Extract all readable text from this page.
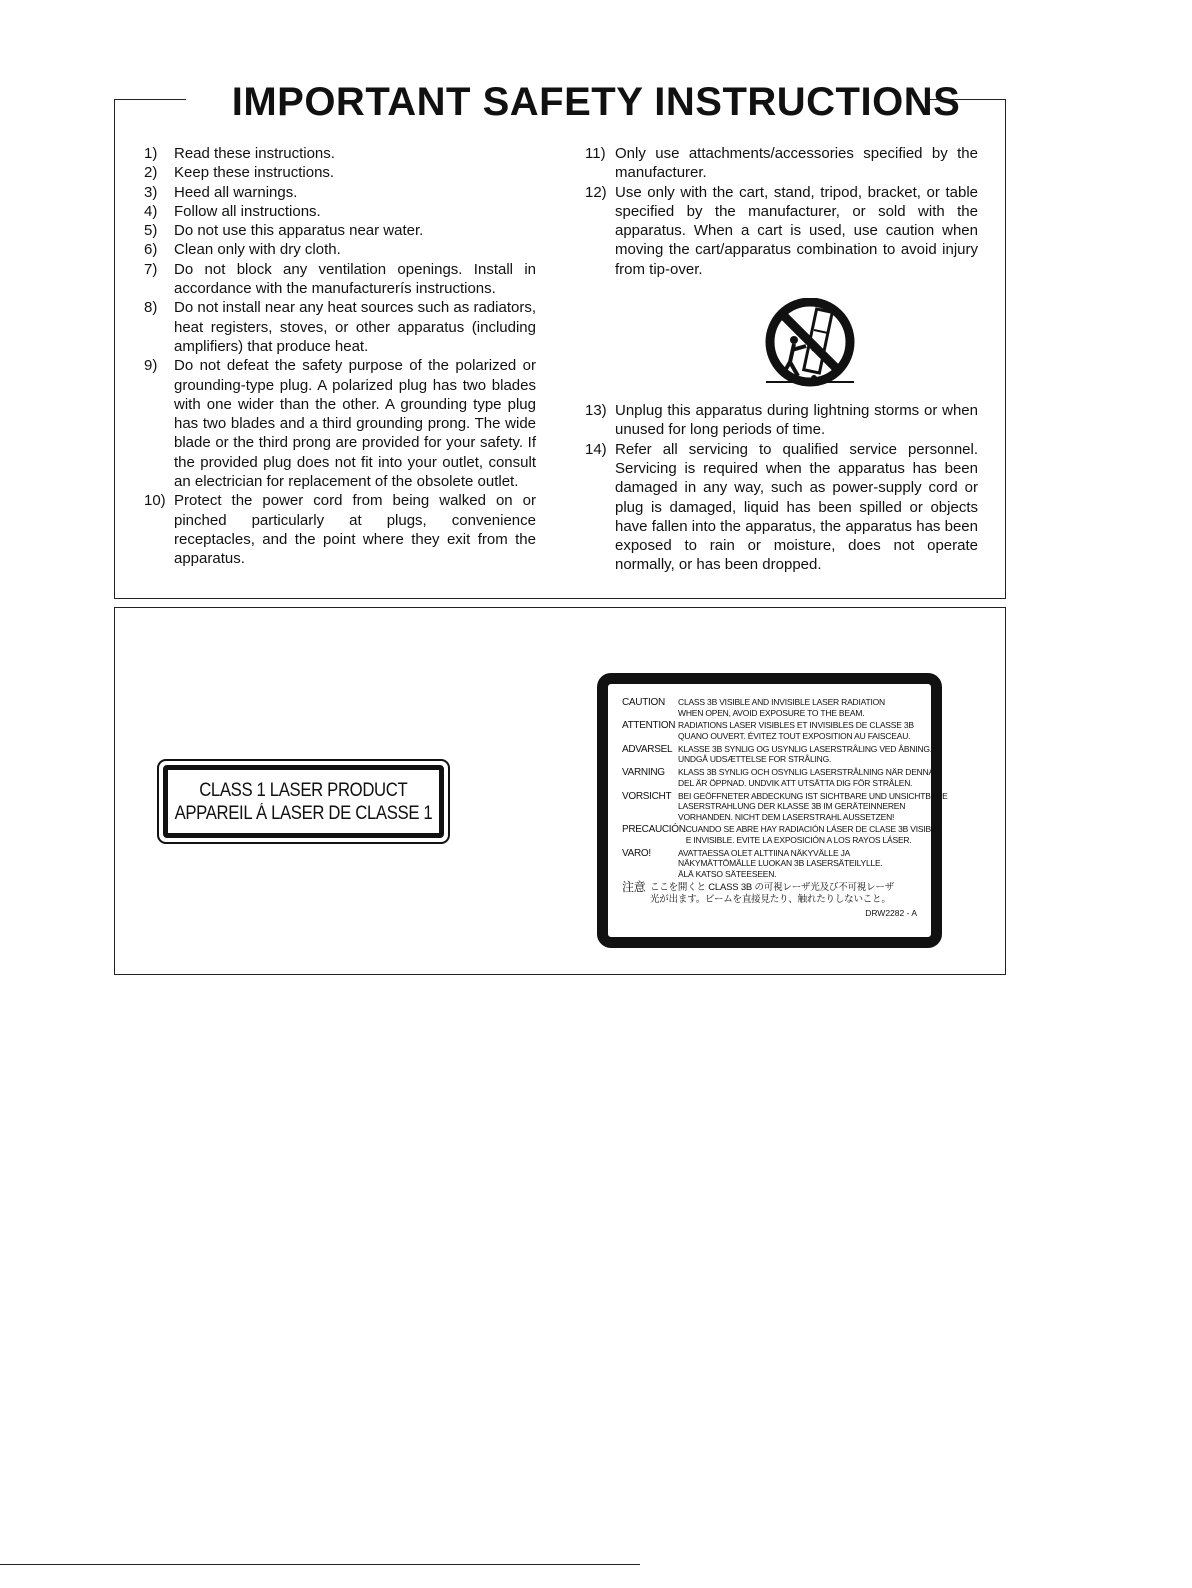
IMPORTANT SAFETY INSTRUCTIONS
1)	Read these instructions.
2)	Keep these instructions.
3)	Heed all warnings.
4)	Follow all instructions.
5)	Do not use this apparatus near water.
6)	Clean only with dry cloth.
7)	Do not block any ventilation openings. Install in accordance with the manufacturerís instructions.
8)	Do not install near any heat sources such as radiators, heat registers, stoves, or other apparatus (including amplifiers) that produce heat.
9)	Do not defeat the safety purpose of the polarized or grounding-type plug. A polarized plug has two blades with one wider than the other. A grounding type plug has two blades and a third grounding prong. The wide blade or the third prong are provided for your safety. If the provided plug does not fit into your outlet, consult an electrician for replacement of the obsolete outlet.
10) Protect the power cord from being walked on or pinched particularly at plugs, convenience receptacles, and the point where they exit from the apparatus.
11) Only use attachments/accessories specified by the manufacturer.
12) Use only with the cart, stand, tripod, bracket, or table specified by the manufacturer, or sold with the apparatus. When a cart is used, use caution when moving the cart/apparatus combination to avoid injury from tip-over.
13) Unplug this apparatus during lightning storms or when unused for long periods of time.
14) Refer all servicing to qualified service personnel. Servicing is required when the apparatus has been damaged in any way, such as power-supply cord or plug is damaged, liquid has been spilled or objects have fallen into the apparatus, the apparatus has been exposed to rain or moisture, does not operate normally, or has been dropped.
CLASS 1 LASER PRODUCT
APPAREIL Á LASER DE CLASSE 1
CAUTION	CLASS 3B VISIBLE AND INVISIBLE LASER RADIATION
WHEN OPEN, AVOID EXPOSURE TO THE BEAM.
ATTENTION RADIATIONS LASER VISIBLES ET INVISIBLES DE CLASSE 3B
QUANO OUVERT. ÉVITEZ TOUT EXPOSITION AU FAISCEAU.
ADVARSEL KLASSE 3B SYNLIG OG USYNLIG LASERSTRÅLING VED ÅBNING.
UNDGÅ UDSÆTTELSE FOR STRÅLING.
VARNING	KLASS 3B SYNLIG OCH OSYNLIG LASERSTRÅLNING NÄR DENNA
DEL ÄR ÖPPNAD. UNDVIK ATT UTSÄTTA DIG FÖR STRÅLEN.
VORSICHT BEI GEÖFFNETER ABDECKUNG IST SICHTBARE UND UNSICHTBARE
LASERSTRAHLUNG DER KLASSE 3B IM GERÄTEINNEREN
VORHANDEN. NICHT DEM LASERSTRAHL AUSSETZEN!
PRECAUCIÓN CUANDO SE ABRE HAY RADIACIÓN LÁSER DE CLASE 3B VISIBLE
E INVISIBLE. EVITE LA EXPOSICIÓN A LOS RAYOS LÁSER.
VARO!	AVATTAESSA OLET ALTTIINA NÄKYVÄLLE JA
NÄKYMÄTTÖMÄLLE LUOKAN 3B LASERSÄTEILYLLE.
ÄLÄ KATSO SÄTEESEEN.
注意 ここを開くと CLASS 3B の可視レーザ光及び不可視レーザ
光が出ます。ビームを直接見たり、触れたりしないこと。
DRW2282 - A
